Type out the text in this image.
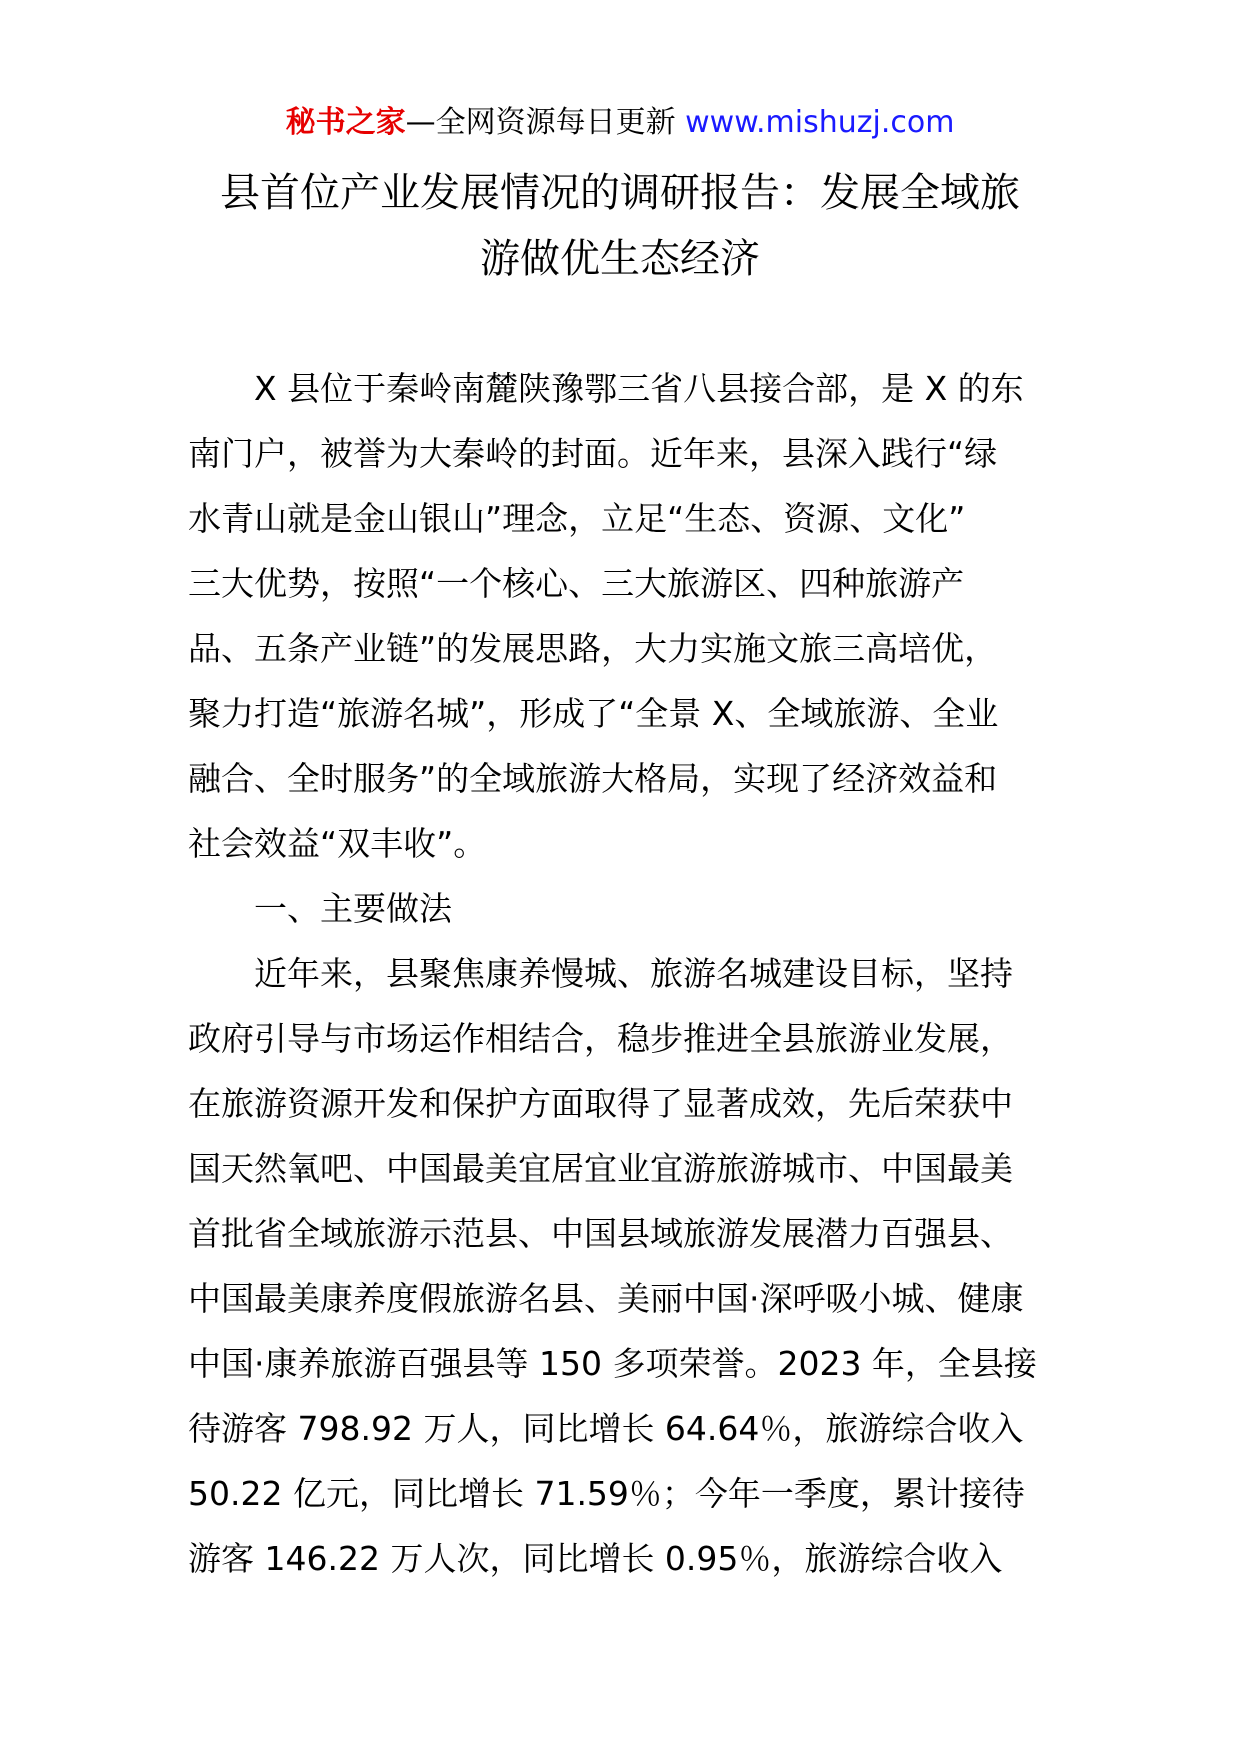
秘书之家—全网资源每日更新 www.mishuzj.com
县首位产业发展情况的调研报告：发展全域旅
游做优生态经济
X 县位于秦岭南麓陕豫鄂三省八县接合部，是 X 的东
南门户，被誉为大秦岭的封面。近年来，县深入践行“绿
水青山就是金山银山”理念，立足“生态、资源、文化”
三大优势，按照“一个核心、三大旅游区、四种旅游产
品、五条产业链”的发展思路，大力实施文旅三高培优，
聚力打造“旅游名城”，形成了“全景 X、全域旅游、全业
融合、全时服务”的全域旅游大格局，实现了经济效益和
社会效益“双丰收”。
一、主要做法
近年来，县聚焦康养慢城、旅游名城建设目标，坚持
政府引导与市场运作相结合，稳步推进全县旅游业发展，
在旅游资源开发和保护方面取得了显著成效，先后荣获中
国天然氧吧、中国最美宜居宜业宜游旅游城市、中国最美
首批省全域旅游示范县、中国县域旅游发展潜力百强县、
中国最美康养度假旅游名县、美丽中国·深呼吸小城、健康
中国·康养旅游百强县等 150 多项荣誉。2023 年，全县接
待游客 798.92 万人，同比增长 64.64％，旅游综合收入
50.22 亿元，同比增长 71.59％；今年一季度，累计接待
游客 146.22 万人次，同比增长 0.95％，旅游综合收入
